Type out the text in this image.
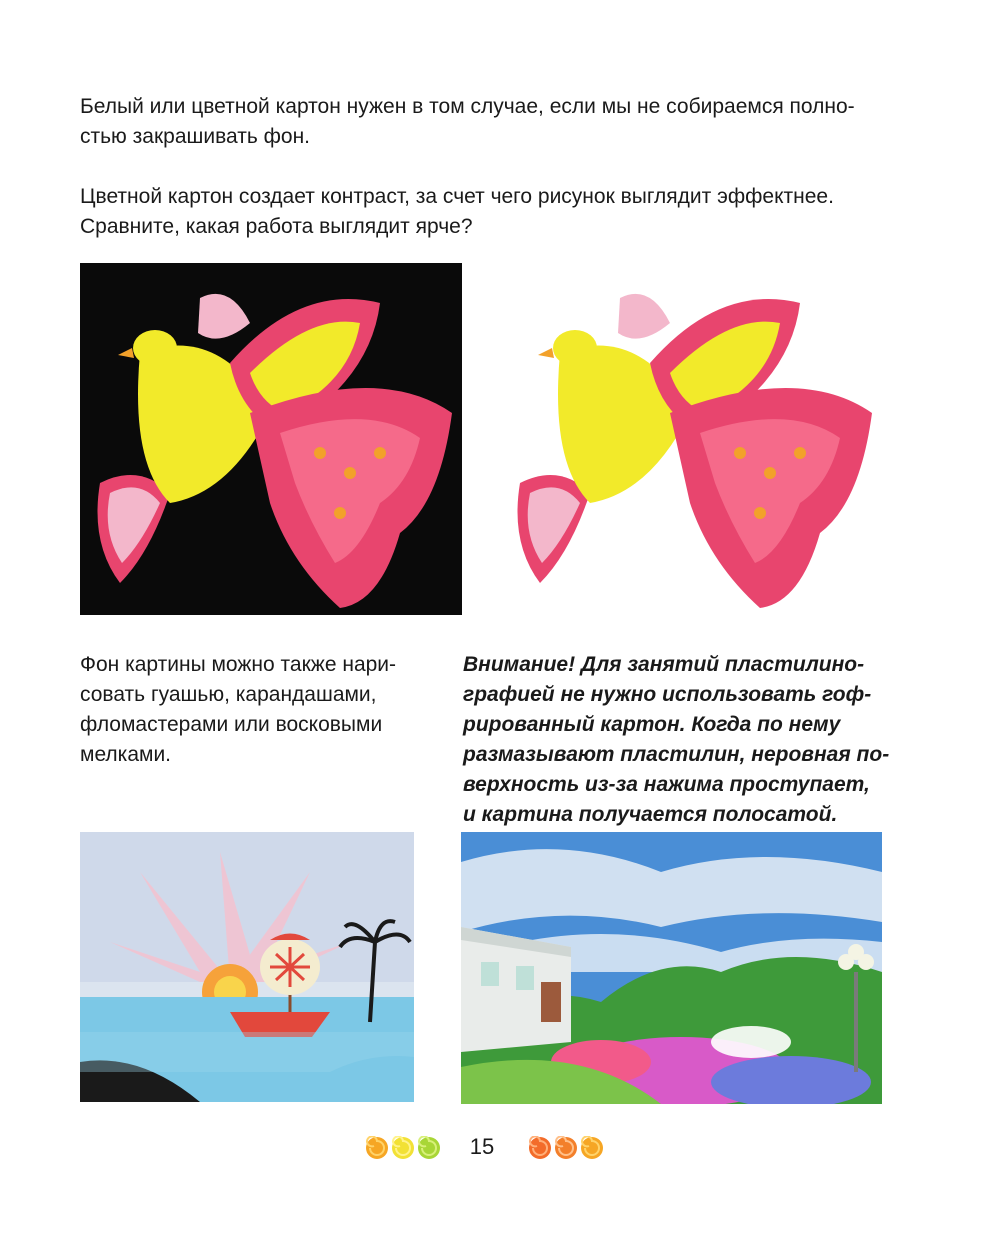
Белый или цветной картон нужен в том случае, если мы не собираемся полно-
стью закрашивать фон.

Цветной картон создает контраст, за счет чего рисунок выглядит эффектнее.
Сравните, какая работа выглядит ярче?

Фон картины можно также нари-
совать гуашью, карандашами,
фломастерами или восковыми
мелками.

Внимание! Для занятий пластилино-
графией не нужно использовать гоф-
рированный картон. Когда по нему
размазывают пластилин, неровная по-
верхность из-за нажима проступает,
и картина получается полосатой.

15
